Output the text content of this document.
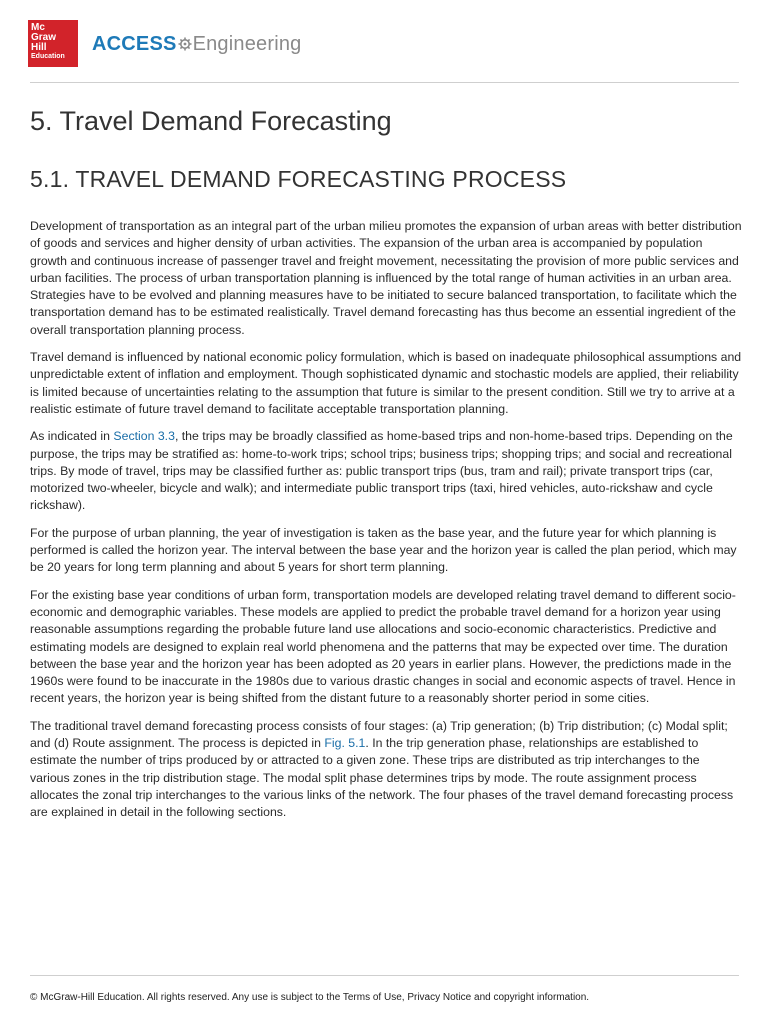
Mc
Graw
Hill
Education
ACCESS Engineering
5. Travel Demand Forecasting
5.1. TRAVEL DEMAND FORECASTING PROCESS

Development of transportation as an integral part of the urban milieu promotes the expansion of urban areas with better distribution of goods and services and higher density of urban activities. The expansion of the urban area is accompanied by population growth and continuous increase of passenger travel and freight movement, necessitating the provision of more public services and urban facilities. The process of urban transportation planning is influenced by the total range of human activities in an urban area. Strategies have to be evolved and planning measures have to be initiated to secure balanced transportation, to facilitate which the transportation demand has to be estimated realistically. Travel demand forecasting has thus become an essential ingredient of the overall transportation planning process.

Travel demand is influenced by national economic policy formulation, which is based on inadequate philosophical assumptions and unpredictable extent of inflation and employment. Though sophisticated dynamic and stochastic models are applied, their reliability is limited because of uncertainties relating to the assumption that future is similar to the present condition. Still we try to arrive at a realistic estimate of future travel demand to facilitate acceptable transportation planning.

As indicated in Section 3.3, the trips may be broadly classified as home-based trips and non-home-based trips. Depending on the purpose, the trips may be stratified as: home-to-work trips; school trips; business trips; shopping trips; and social and recreational trips. By mode of travel, trips may be classified further as: public transport trips (bus, tram and rail); private transport trips (car, motorized two-wheeler, bicycle and walk); and intermediate public transport trips (taxi, hired vehicles, auto-rickshaw and cycle rickshaw).

For the purpose of urban planning, the year of investigation is taken as the base year, and the future year for which planning is performed is called the horizon year. The interval between the base year and the horizon year is called the plan period, which may be 20 years for long term planning and about 5 years for short term planning.

For the existing base year conditions of urban form, transportation models are developed relating travel demand to different socio-economic and demographic variables. These models are applied to predict the probable travel demand for a horizon year using reasonable assumptions regarding the probable future land use allocations and socio-economic characteristics. Predictive and estimating models are designed to explain real world phenomena and the patterns that may be expected over time. The duration between the base year and the horizon year has been adopted as 20 years in earlier plans. However, the predictions made in the 1960s were found to be inaccurate in the 1980s due to various drastic changes in social and economic aspects of travel. Hence in recent years, the horizon year is being shifted from the distant future to a reasonably shorter period in some cities.

The traditional travel demand forecasting process consists of four stages: (a) Trip generation; (b) Trip distribution; (c) Modal split; and (d) Route assignment. The process is depicted in Fig. 5.1. In the trip generation phase, relationships are established to estimate the number of trips produced by or attracted to a given zone. These trips are distributed as trip interchanges to the various zones in the trip distribution stage. The modal split phase determines trips by mode. The route assignment process allocates the zonal trip interchanges to the various links of the network. The four phases of the travel demand forecasting process are explained in detail in the following sections.

© McGraw-Hill Education. All rights reserved. Any use is subject to the Terms of Use, Privacy Notice and copyright information.
